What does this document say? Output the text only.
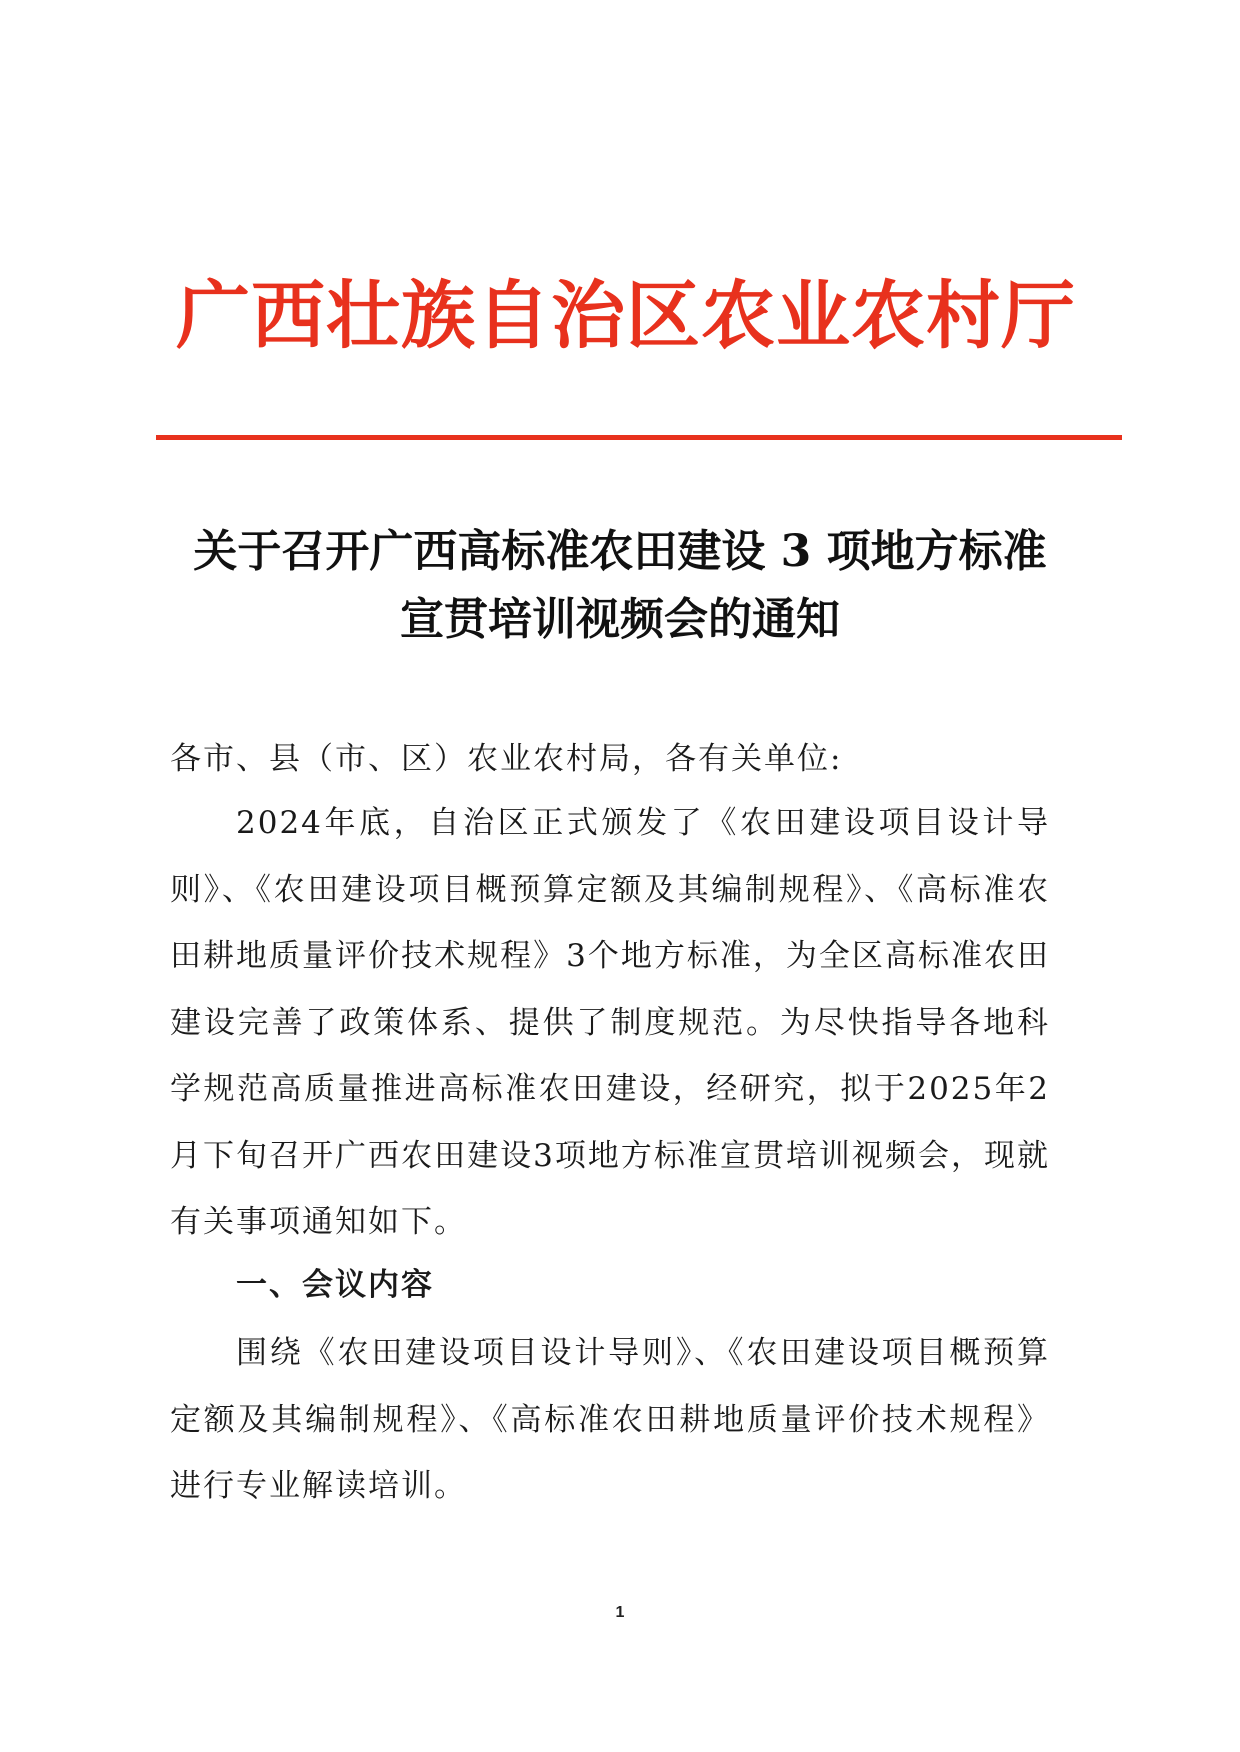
广西壮族自治区农业农村厅
关于召开广西高标准农田建设 3 项地方标准
宣贯培训视频会的通知
各市、县（市、区）农业农村局，各有关单位:
2024年底，自治区正式颁发了《农田建设项目设计导则》、《农田建设项目概预算定额及其编制规程》、《高标准农田耕地质量评价技术规程》3个地方标准，为全区高标准农田建设完善了政策体系、提供了制度规范。为尽快指导各地科学规范高质量推进高标准农田建设，经研究，拟于2025年2月下旬召开广西农田建设3项地方标准宣贯培训视频会，现就有关事项通知如下。
一、会议内容
围绕《农田建设项目设计导则》、《农田建设项目概预算定额及其编制规程》、《高标准农田耕地质量评价技术规程》进行专业解读培训。
1
